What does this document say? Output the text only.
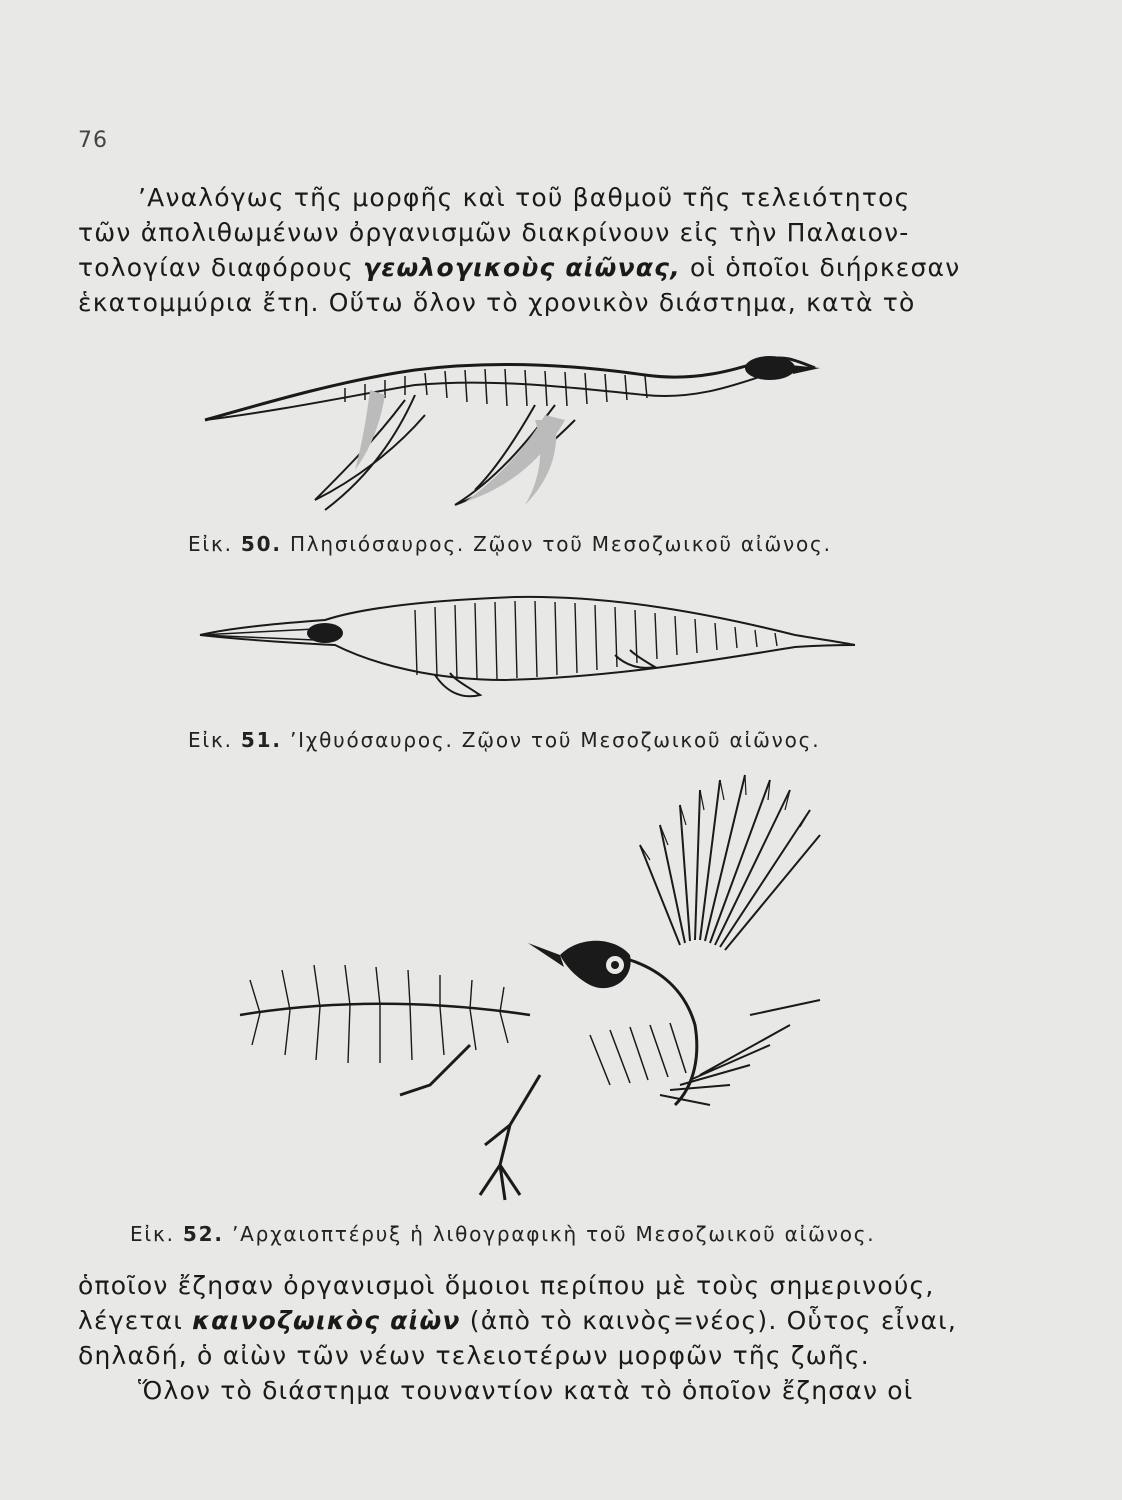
76
’Αναλόγως τῆς μορφῆς καὶ τοῦ βαθμοῦ τῆς τελειότητος
τῶν ἀπολιθωμένων ὀργανισμῶν διακρίνουν εἰς τὴν Παλαιον-
τολογίαν διαφόρους γεωλογικοὺς αἰῶνας, οἱ ὁποῖοι διήρκεσαν
ἑκατομμύρια ἔτη. Οὕτω ὅλον τὸ χρονικὸν διάστημα, κατὰ τὸ
Εἰκ. 50. Πλησιόσαυρος. Ζῷον τοῦ Μεσοζωικοῦ αἰῶνος.
Εἰκ. 51. ’Ιχθυόσαυρος. Ζῷον τοῦ Μεσοζωικοῦ αἰῶνος.
Εἰκ. 52. ’Αρχαιοπτέρυξ ἡ λιθογραφικὴ τοῦ Μεσοζωικοῦ αἰῶνος.
ὁποῖον ἔζησαν ὀργανισμοὶ ὅμοιοι περίπου μὲ τοὺς σημερινούς,
λέγεται καινοζωικὸς αἰὼν (ἀπὸ τὸ καινὸς=νέος). Οὗτος εἶναι,
δηλαδή, ὁ αἰὼν τῶν νέων τελειοτέρων μορφῶν τῆς ζωῆς.
Ὅλον τὸ διάστημα τουναντίον κατὰ τὸ ὁποῖον ἔζησαν οἱ
